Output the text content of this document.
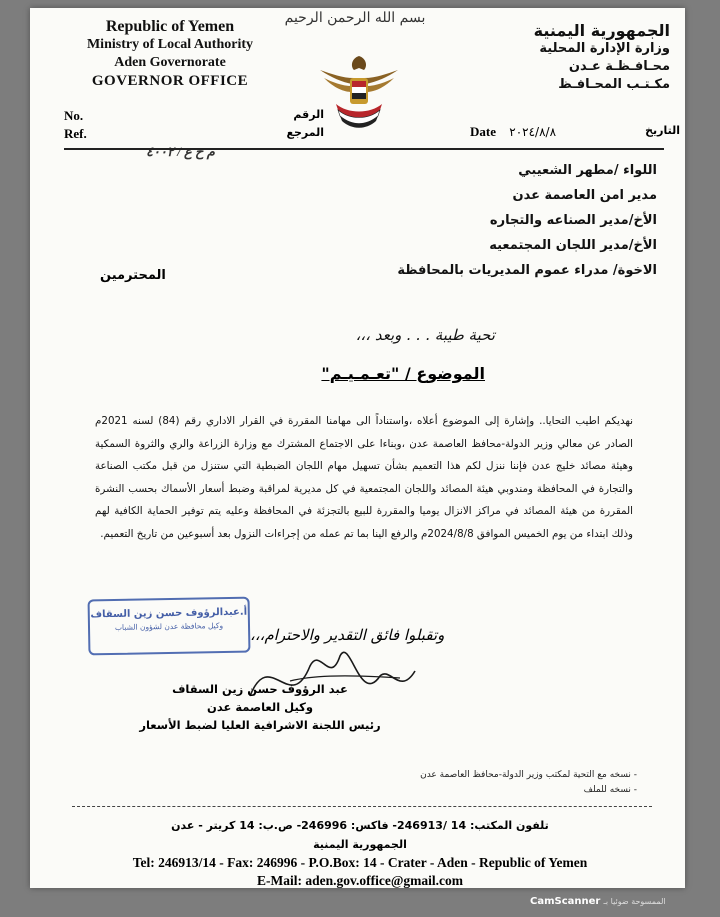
بسم الله الرحمن الرحيم
Republic of Yemen
Ministry of Local Authority
Aden Governorate
GOVERNOR OFFICE
الجمهورية اليمنية
وزارة الإدارة المحلية
محـافـظـة عـدن
مكـتـب المحـافـظ
No.	الرقم
Ref.
م ح ع / ٤٠٠٢
المرجع	Date ٢٠٢٤/٨/٨	التاريخ
اللواء /مطهر الشعيبي
مدير امن العاصمة عدن
الأخ/مدير الصناعه والتجاره
الأخ/مدير اللجان المجتمعيه
الاخوة/ مدراء عموم المديريات بالمحافظة
المحترمين
تحية طيبة . . . وبعد ،،،
الموضوع / "تعـمـيـم"
نهديكم اطيب التحايا.. وإشارة إلى الموضوع أعلاه ،واستناداً الى مهامنا المقررة في القرار الاداري رقم (84) لسنه 2021م الصادر عن معالي وزير الدولة-محافظ العاصمة عدن ،وبناءا على الاجتماع المشترك مع وزارة الزراعة والري والثروة السمكية وهيئة مصائد خليج عدن فإننا ننزل لكم هذا التعميم بشأن تسهيل مهام اللجان الضبطية التي ستنزل من قبل مكتب الصناعة والتجارة في المحافظة ومندوبي هيئة المصائد واللجان المجتمعية في كل مديرية لمراقبة وضبط أسعار الأسماك بحسب النشرة المقررة من هيئة المصائد في مراكز الانزال يوميا والمقررة للبيع بالتجزئة في المحافظة وعليه يتم توفير الحماية الكافية لهم وذلك ابتداء من يوم الخميس الموافق 2024/8/8م والرفع الينا بما تم عمله من إجراءات النزول بعد أسبوعين من تاريخ التعميم.
أ.عبدالرؤوف حسن زين السقاف
وكيل محافظة عدن لشؤون الشباب	وتقبلوا فائق التقدير والاحترام،،،
عبد الرؤوف حسن زين السقاف
وكيل العاصمة عدن
رئيس اللجنة الاشرافية العليا لضبط الأسعار
- نسخه مع التحية لمكتب وزير الدولة-محافظ العاصمة عدن
- نسخه للملف
تلفون المكتب: 14 /246913- فاكس: 246996- ص.ب: 14 كريتر - عدن
الجمهورية اليمنية
Tel: 246913/14 - Fax: 246996 - P.O.Box: 14 - Crater - Aden - Republic of Yemen
E-Mail: aden.gov.office@gmail.com
الممسوحة ضوئيا بـ CamScanner
